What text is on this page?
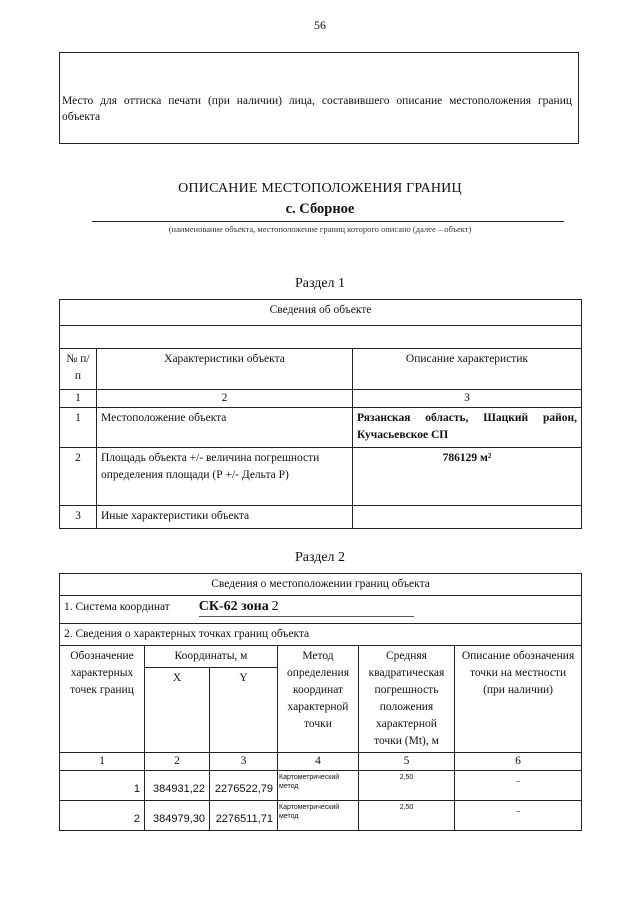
56
Место для оттиска печати (при наличии) лица, составившего описание местоположения границ объекта
ОПИСАНИЕ МЕСТОПОЛОЖЕНИЯ ГРАНИЦ
с. Сборное
(наименование объекта, местоположение границ которого описано (далее – объект)
Раздел 1
Сведения об объекте		

№ п/п	Характеристики объекта	Описание характеристик
1	2	3
1	Местоположение объекта	Рязанская область, Шацкий район, Кучасьевское СП
2	Площадь объекта +/- величина погрешности определения площади (Р +/- Дельта Р)	786129 м²
3	Иные характеристики объекта	
Раздел 2
Сведения о местоположении границ объекта					
1. Система координат СК-62 зона 2					
2. Сведения о характерных точках границ объекта					
Обозначение характерных точек границ	Координаты, м		Метод определения координат характерной точки	Средняя квадратическая погрешность положения характерной точки (Mt), м	Описание обозначения точки на местности (при наличии)
	X	Y			
1	2	3	4	5	6
1	384931,22	2276522,79	Картометрический метод	2,50	–
2	384979,30	2276511,71	Картометрический метод	2,50	–
